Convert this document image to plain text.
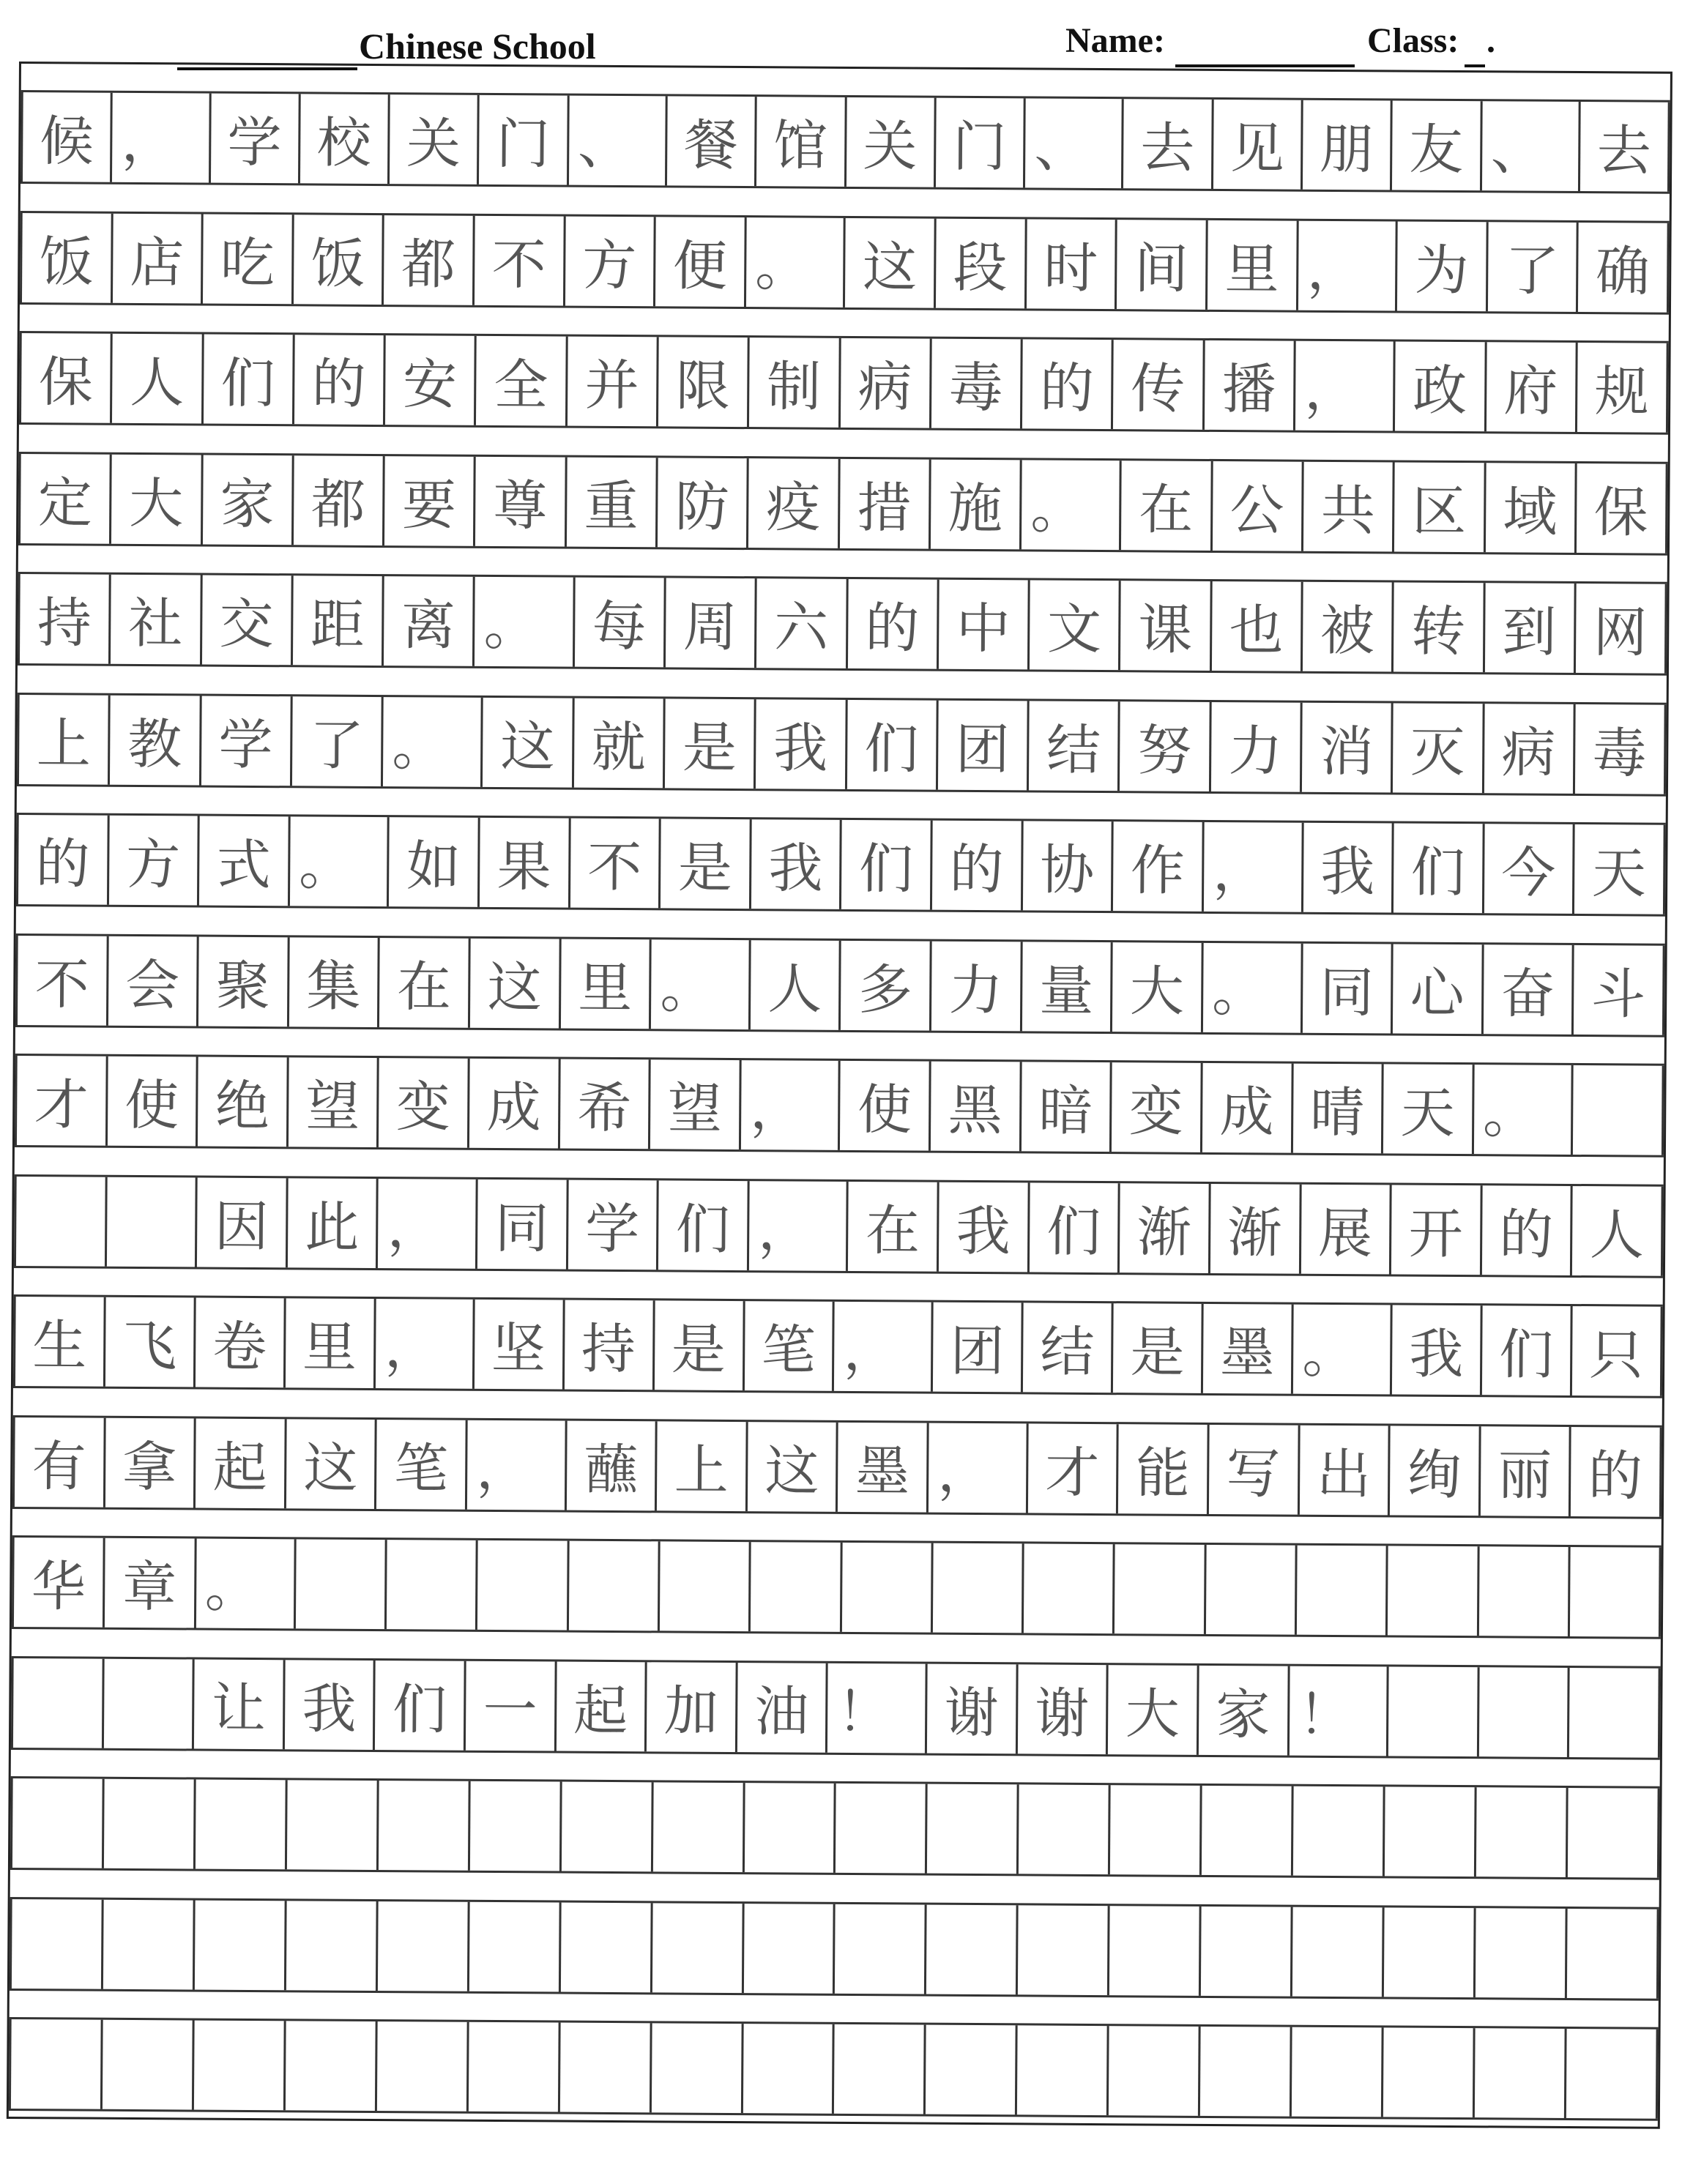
Chinese School	Name:	Class: .
候 ， 学 校 关 门 、 餐 馆 关 门 、 去 见 朋 友 、 去
饭 店 吃 饭 都 不 方 便 。 这 段 时 间 里 ， 为 了 确
保 人 们 的 安 全 并 限 制 病 毒 的 传 播 ， 政 府 规
定 大 家 都 要 尊 重 防 疫 措 施 。 在 公 共 区 域 保
持 社 交 距 离 。 每 周 六 的 中 文 课 也 被 转 到 网
上 教 学 了 。 这 就 是 我 们 团 结 努 力 消 灭 病 毒
的 方 式 。 如 果 不 是 我 们 的 协 作 ， 我 们 今 天
不 会 聚 集 在 这 里 。 人 多 力 量 大 。 同 心 奋 斗
才 使 绝 望 变 成 希 望 ， 使 黑 暗 变 成 晴 天 。
因 此 ， 同 学 们 ， 在 我 们 渐 渐 展 开 的 人
生 飞 卷 里 ， 坚 持 是 笔 ， 团 结 是 墨 。 我 们 只
有 拿 起 这 笔 ， 蘸 上 这 墨 ， 才 能 写 出 绚 丽 的
华 章 。
让 我 们 一 起 加 油 ！ 谢 谢 大 家 ！
